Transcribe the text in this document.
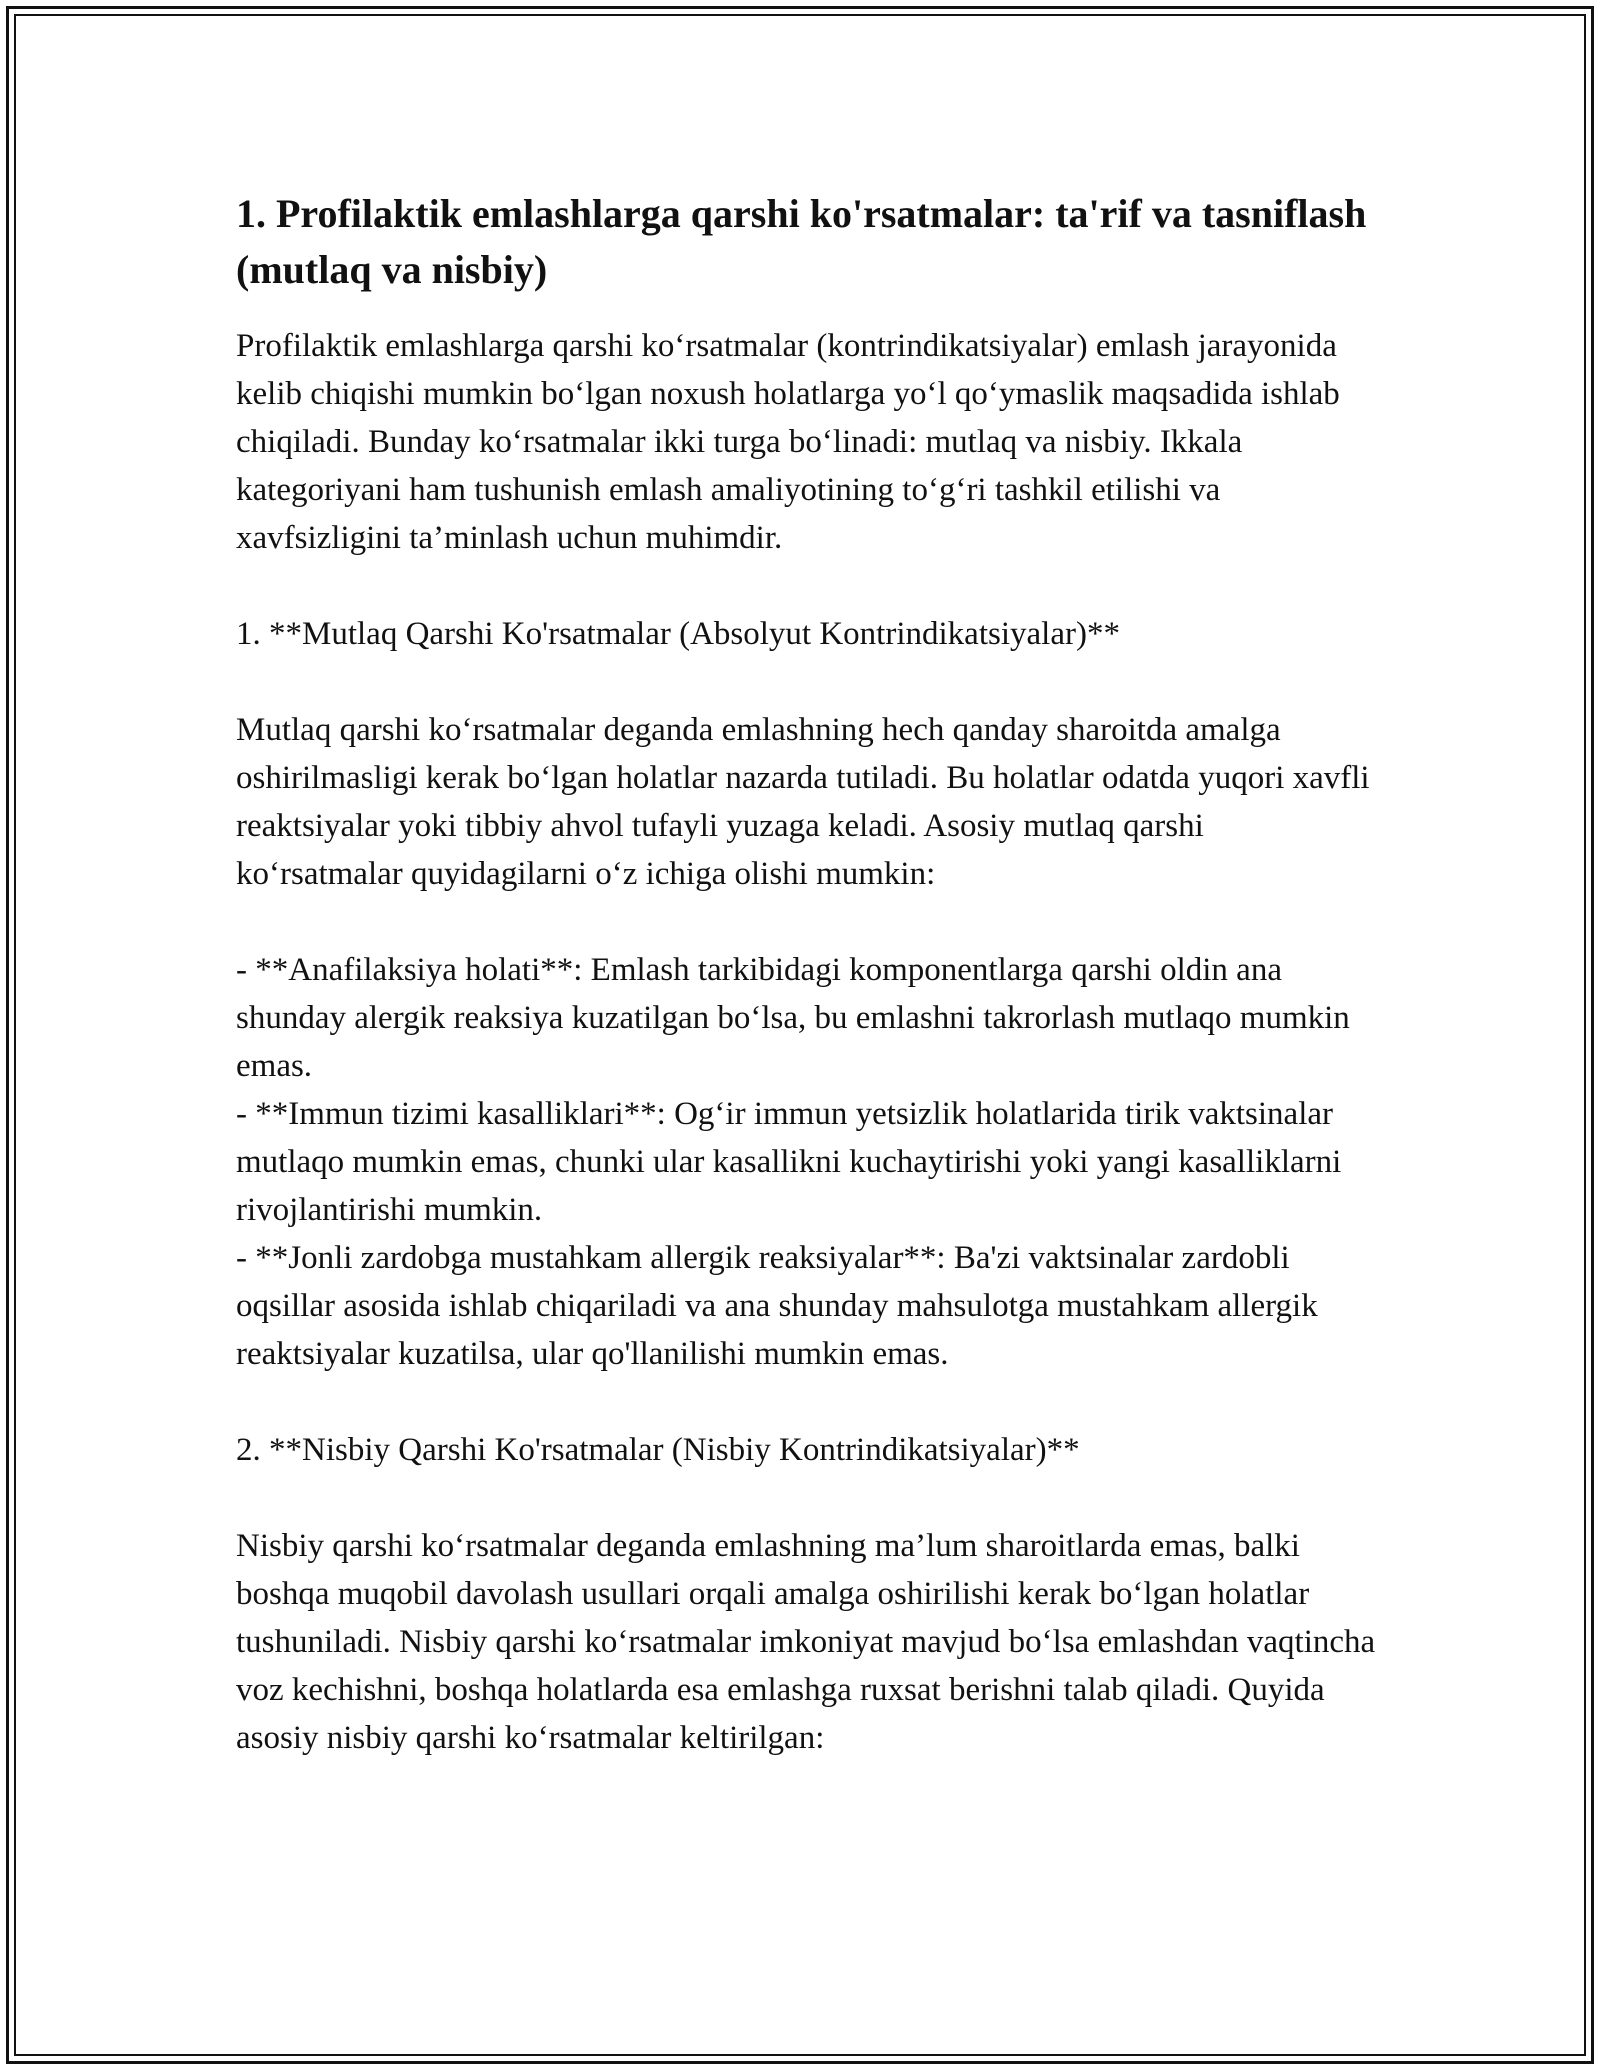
1. Profilaktik emlashlarga qarshi ko'rsatmalar: ta'rif va tasniflash (mutlaq va nisbiy)

Profilaktik emlashlarga qarshi ko‘rsatmalar (kontrindikatsiyalar) emlash jarayonida kelib chiqishi mumkin bo‘lgan noxush holatlarga yo‘l qo‘ymaslik maqsadida ishlab chiqiladi. Bunday ko‘rsatmalar ikki turga bo‘linadi: mutlaq va nisbiy. Ikkala kategoriyani ham tushunish emlash amaliyotining to‘g‘ri tashkil etilishi va xavfsizligini ta’minlash uchun muhimdir.

1. **Mutlaq Qarshi Ko'rsatmalar (Absolyut Kontrindikatsiyalar)**

Mutlaq qarshi ko‘rsatmalar deganda emlashning hech qanday sharoitda amalga oshirilmasligi kerak bo‘lgan holatlar nazarda tutiladi. Bu holatlar odatda yuqori xavfli reaktsiyalar yoki tibbiy ahvol tufayli yuzaga keladi. Asosiy mutlaq qarshi ko‘rsatmalar quyidagilarni o‘z ichiga olishi mumkin:

- **Anafilaksiya holati**: Emlash tarkibidagi komponentlarga qarshi oldin ana shunday alergik reaksiya kuzatilgan bo‘lsa, bu emlashni takrorlash mutlaqo mumkin emas.

- **Immun tizimi kasalliklari**: Og‘ir immun yetsizlik holatlarida tirik vaktsinalar mutlaqo mumkin emas, chunki ular kasallikni kuchaytirishi yoki yangi kasalliklarni rivojlantirishi mumkin.

- **Jonli zardobga mustahkam allergik reaksiyalar**: Ba'zi vaktsinalar zardobli oqsillar asosida ishlab chiqariladi va ana shunday mahsulotga mustahkam allergik reaktsiyalar kuzatilsa, ular qo'llanilishi mumkin emas.

2. **Nisbiy Qarshi Ko'rsatmalar (Nisbiy Kontrindikatsiyalar)**

Nisbiy qarshi ko‘rsatmalar deganda emlashning ma’lum sharoitlarda emas, balki boshqa muqobil davolash usullari orqali amalga oshirilishi kerak bo‘lgan holatlar tushuniladi. Nisbiy qarshi ko‘rsatmalar imkoniyat mavjud bo‘lsa emlashdan vaqtincha voz kechishni, boshqa holatlarda esa emlashga ruxsat berishni talab qiladi. Quyida asosiy nisbiy qarshi ko‘rsatmalar keltirilgan:
